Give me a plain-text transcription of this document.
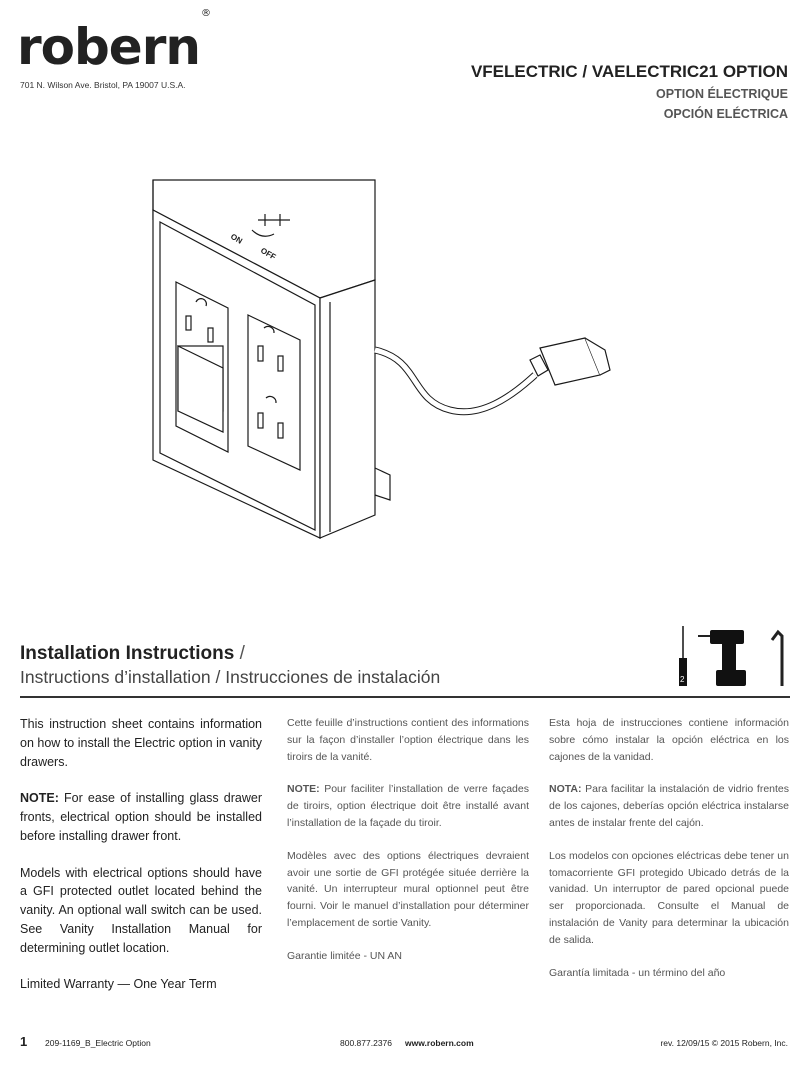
robern®
701 N. Wilson Ave. Bristol, PA 19007 U.S.A.
VFELECTRIC / VAELECTRIC21 OPTION
OPTION ÉLECTRIQUE
OPCIÓN ELÉCTRICA
ON
OFF
Installation Instructions /
Instructions d’installation / Instrucciones de instalación	2

This instruction sheet contains information on how to install the Electric option in vanity drawers.

NOTE: For ease of installing glass drawer fronts, electrical option should be installed before installing drawer front.

Models with electrical options should have a GFI protected outlet located behind the vanity. An optional wall switch can be used. See Vanity Installation Manual for determining outlet location.

Limited Warranty — One Year Term

Cette feuille d’instructions contient des informations sur la façon d’installer l’option électrique dans les tiroirs de la vanité.

NOTE: Pour faciliter l’installation de verre façades de tiroirs, option électrique doit être installé avant l’installation de la façade du tiroir.

Modèles avec des options électriques devraient avoir une sortie de GFI protégée située derrière la vanité. Un interrupteur mural optionnel peut être fourni. Voir le manuel d’installation pour déterminer l’emplacement de sortie Vanity.

Garantie limitée - UN AN

Esta hoja de instrucciones contiene información sobre cómo instalar la opción eléctrica en los cajones de la vanidad.

NOTA: Para facilitar la instalación de vidrio frentes de los cajones, deberías opción eléctrica instalarse antes de instalar frente del cajón.

Los modelos con opciones eléctricas debe tener un tomacorriente GFI protegido Ubicado detrás de la vanidad. Un interruptor de pared opcional puede ser proporcionada. Consulte el Manual de instalación de Vanity para determinar la ubicación de salida.

Garantía limitada - un término del año

1 209-1169_B_Electric Option	800.877.2376 www.robern.com	rev. 12/09/15 © 2015 Robern, Inc.
